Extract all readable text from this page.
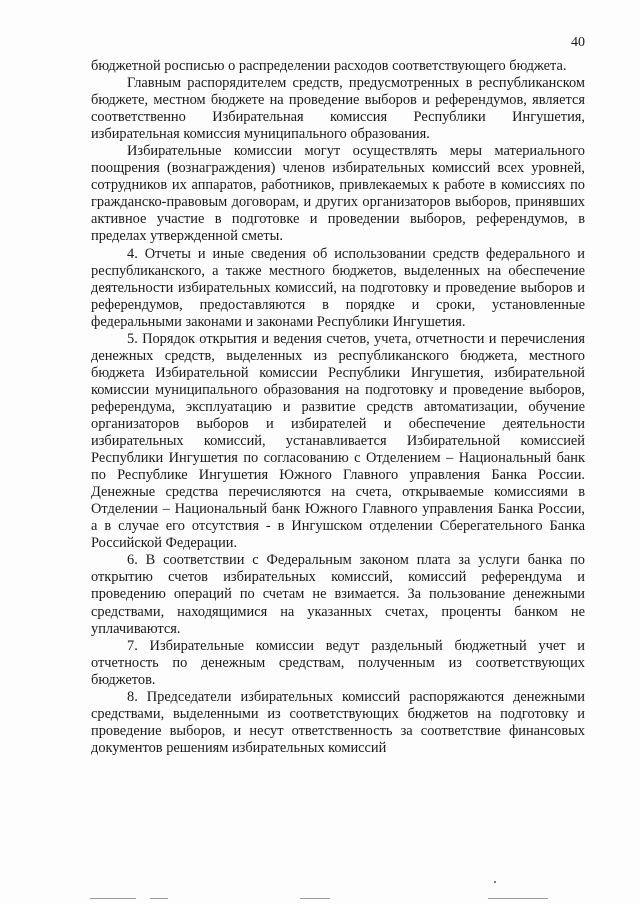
40

бюджетной росписью о распределении расходов соответствующего бюджета.

Главным распорядителем средств, предусмотренных в республиканском бюджете, местном бюджете на проведение выборов и референдумов, является соответственно Избирательная комиссия Республики Ингушетия, избирательная комиссия муниципального образования.

Избирательные комиссии могут осуществлять меры материального поощрения (вознаграждения) членов избирательных комиссий всех уровней, сотрудников их аппаратов, работников, привлекаемых к работе в комиссиях по гражданско-правовым договорам, и других организаторов выборов, принявших активное участие в подготовке и проведении выборов, референдумов, в пределах утвержденной сметы.

4. Отчеты и иные сведения об использовании средств федерального и республиканского, а также местного бюджетов, выделенных на обеспечение деятельности избирательных комиссий, на подготовку и проведение выборов и референдумов, предоставляются в порядке и сроки, установленные федеральными законами и законами Республики Ингушетия.

5. Порядок открытия и ведения счетов, учета, отчетности и перечисления денежных средств, выделенных из республиканского бюджета, местного бюджета Избирательной комиссии Республики Ингушетия, избирательной комиссии муниципального образования на подготовку и проведение выборов, референдума, эксплуатацию и развитие средств автоматизации, обучение организаторов выборов и избирателей и обеспечение деятельности избирательных комиссий, устанавливается Избирательной комиссией Республики Ингушетия по согласованию с Отделением – Национальный банк по Республике Ингушетия Южного Главного управления Банка России. Денежные средства перечисляются на счета, открываемые комиссиями в Отделении – Национальный банк Южного Главного управления Банка России, а в случае его отсутствия - в Ингушском отделении Сберегательного Банка Российской Федерации.

6. В соответствии с Федеральным законом плата за услуги банка по открытию счетов избирательных комиссий, комиссий референдума и проведению операций по счетам не взимается. За пользование денежными средствами, находящимися на указанных счетах, проценты банком не уплачиваются.

7. Избирательные комиссии ведут раздельный бюджетный учет и отчетность по денежным средствам, полученным из соответствующих бюджетов.

8. Председатели избирательных комиссий распоряжаются денежными средствами, выделенными из соответствующих бюджетов на подготовку и проведение выборов, и несут ответственность за соответствие финансовых документов решениям избирательных комиссий
